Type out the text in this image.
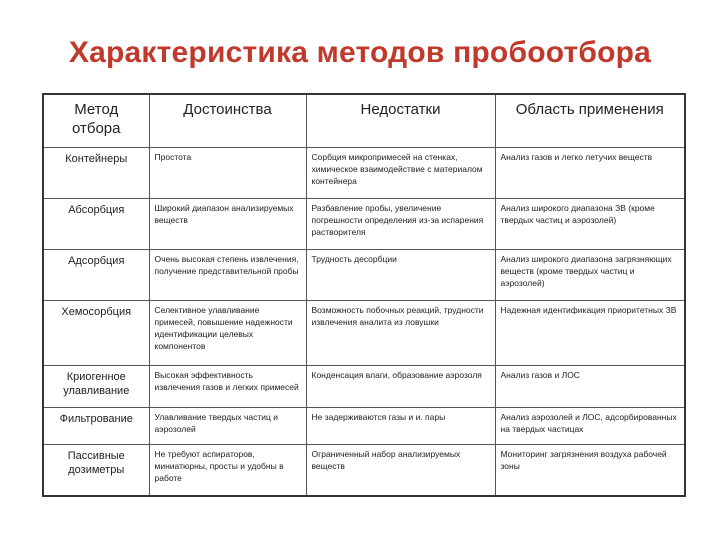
Характеристика методов пробоотбора
Метод отбора	Достоинства	Недостатки	Область применения
Контейнеры	Простота	Сорбция микропримесей на стенках, химическое взаимодействие с материалом контейнера	Анализ газов и легко летучих веществ
Абсорбция	Широкий диапазон анализируемых веществ	Разбавление пробы, увеличение погрешности определения из-за испарения растворителя	Анализ широкого диапазона ЗВ (кроме твердых частиц и аэрозолей)
Адсорбция	Очень высокая степень извлечения, получение представительной пробы	Трудность десорбции	Анализ широкого диапазона загрязняющих веществ (кроме твердых частиц и аэрозолей)
Хемосорбция	Селективное улавливание примесей, повышение надежности идентификации целевых компонентов	Возможность побочных реакций, трудности извлечения аналита из ловушки	Надежная идентификация приоритетных ЗВ
Криогенное улавливание	Высокая эффективность извлечения газов и легких примесей	Конденсация влаги, образование аэрозоля	Анализ газов и ЛОС
Фильтрование	Улавливание твердых частиц и аэрозолей	Не задерживаются газы и и. пары	Анализ аэрозолей и ЛОС, адсорбированных на твердых частицах
Пассивные дозиметры	Не требуют аспираторов, миниатюрны, просты и удобны в работе	Ограниченный набор анализируемых веществ	Мониторинг загрязнения воздуха рабочей зоны
